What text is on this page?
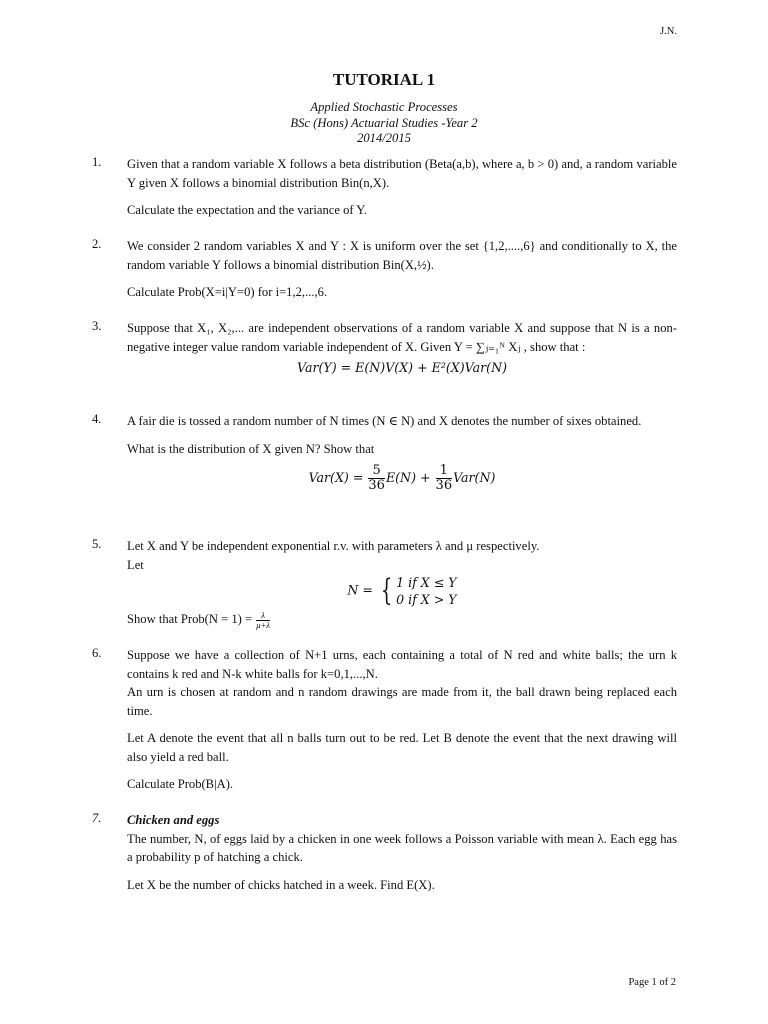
J.N.
TUTORIAL 1
Applied Stochastic Processes
BSc (Hons) Actuarial Studies -Year 2
2014/2015
1.	Given that a random variable X follows a beta distribution (Beta(a,b), where a, b > 0) and, a random variable Y given X follows a binomial distribution Bin(n,X).

Calculate the expectation and the variance of Y.

2.	We consider 2 random variables X and Y : X is uniform over the set {1,2,....,6} and conditionally to X, the random variable Y follows a binomial distribution Bin(X,½).

Calculate Prob(X=i|Y=0) for i=1,2,...,6.

3.	Suppose that X₁, X₂,... are independent observations of a random variable X and suppose that N is a non-negative integer value random variable independent of X. Given Y = ∑ⱼ₌₁ᴺ Xⱼ , show that :

Var(Y) = E(N)V(X) + E²(X)Var(N)
4.	A fair die is tossed a random number of N times (N ∈ N) and X denotes the number of sixes obtained.

What is the distribution of X given N? Show that

$Var(X) = \frac{5}{36} E(N) + \frac{1}{36} Var(N)$
5.	Let X and Y be independent exponential r.v. with parameters λ and μ respectively.

Let

N = { 1 if X ≤ Y
0 if X > Y

Show that Prob(N = $1) = \frac{\lambda}{\mu+\lambda}$

6.	Suppose we have a collection of N+1 urns, each containing a total of N red and white balls; the urn k contains k red and N-k white balls for k=0,1,...,N.

An urn is chosen at random and n random drawings are made from it, the ball drawn being replaced each time.

Let A denote the event that all n balls turn out to be red. Let B denote the event that the next drawing will also yield a red ball.

Calculate Prob(B|A).

7.	Chicken and eggs

The number, N, of eggs laid by a chicken in one week follows a Poisson variable with mean λ. Each egg has a probability p of hatching a chick.

Let X be the number of chicks hatched in a week. Find E(X).

Page 1 of 2
